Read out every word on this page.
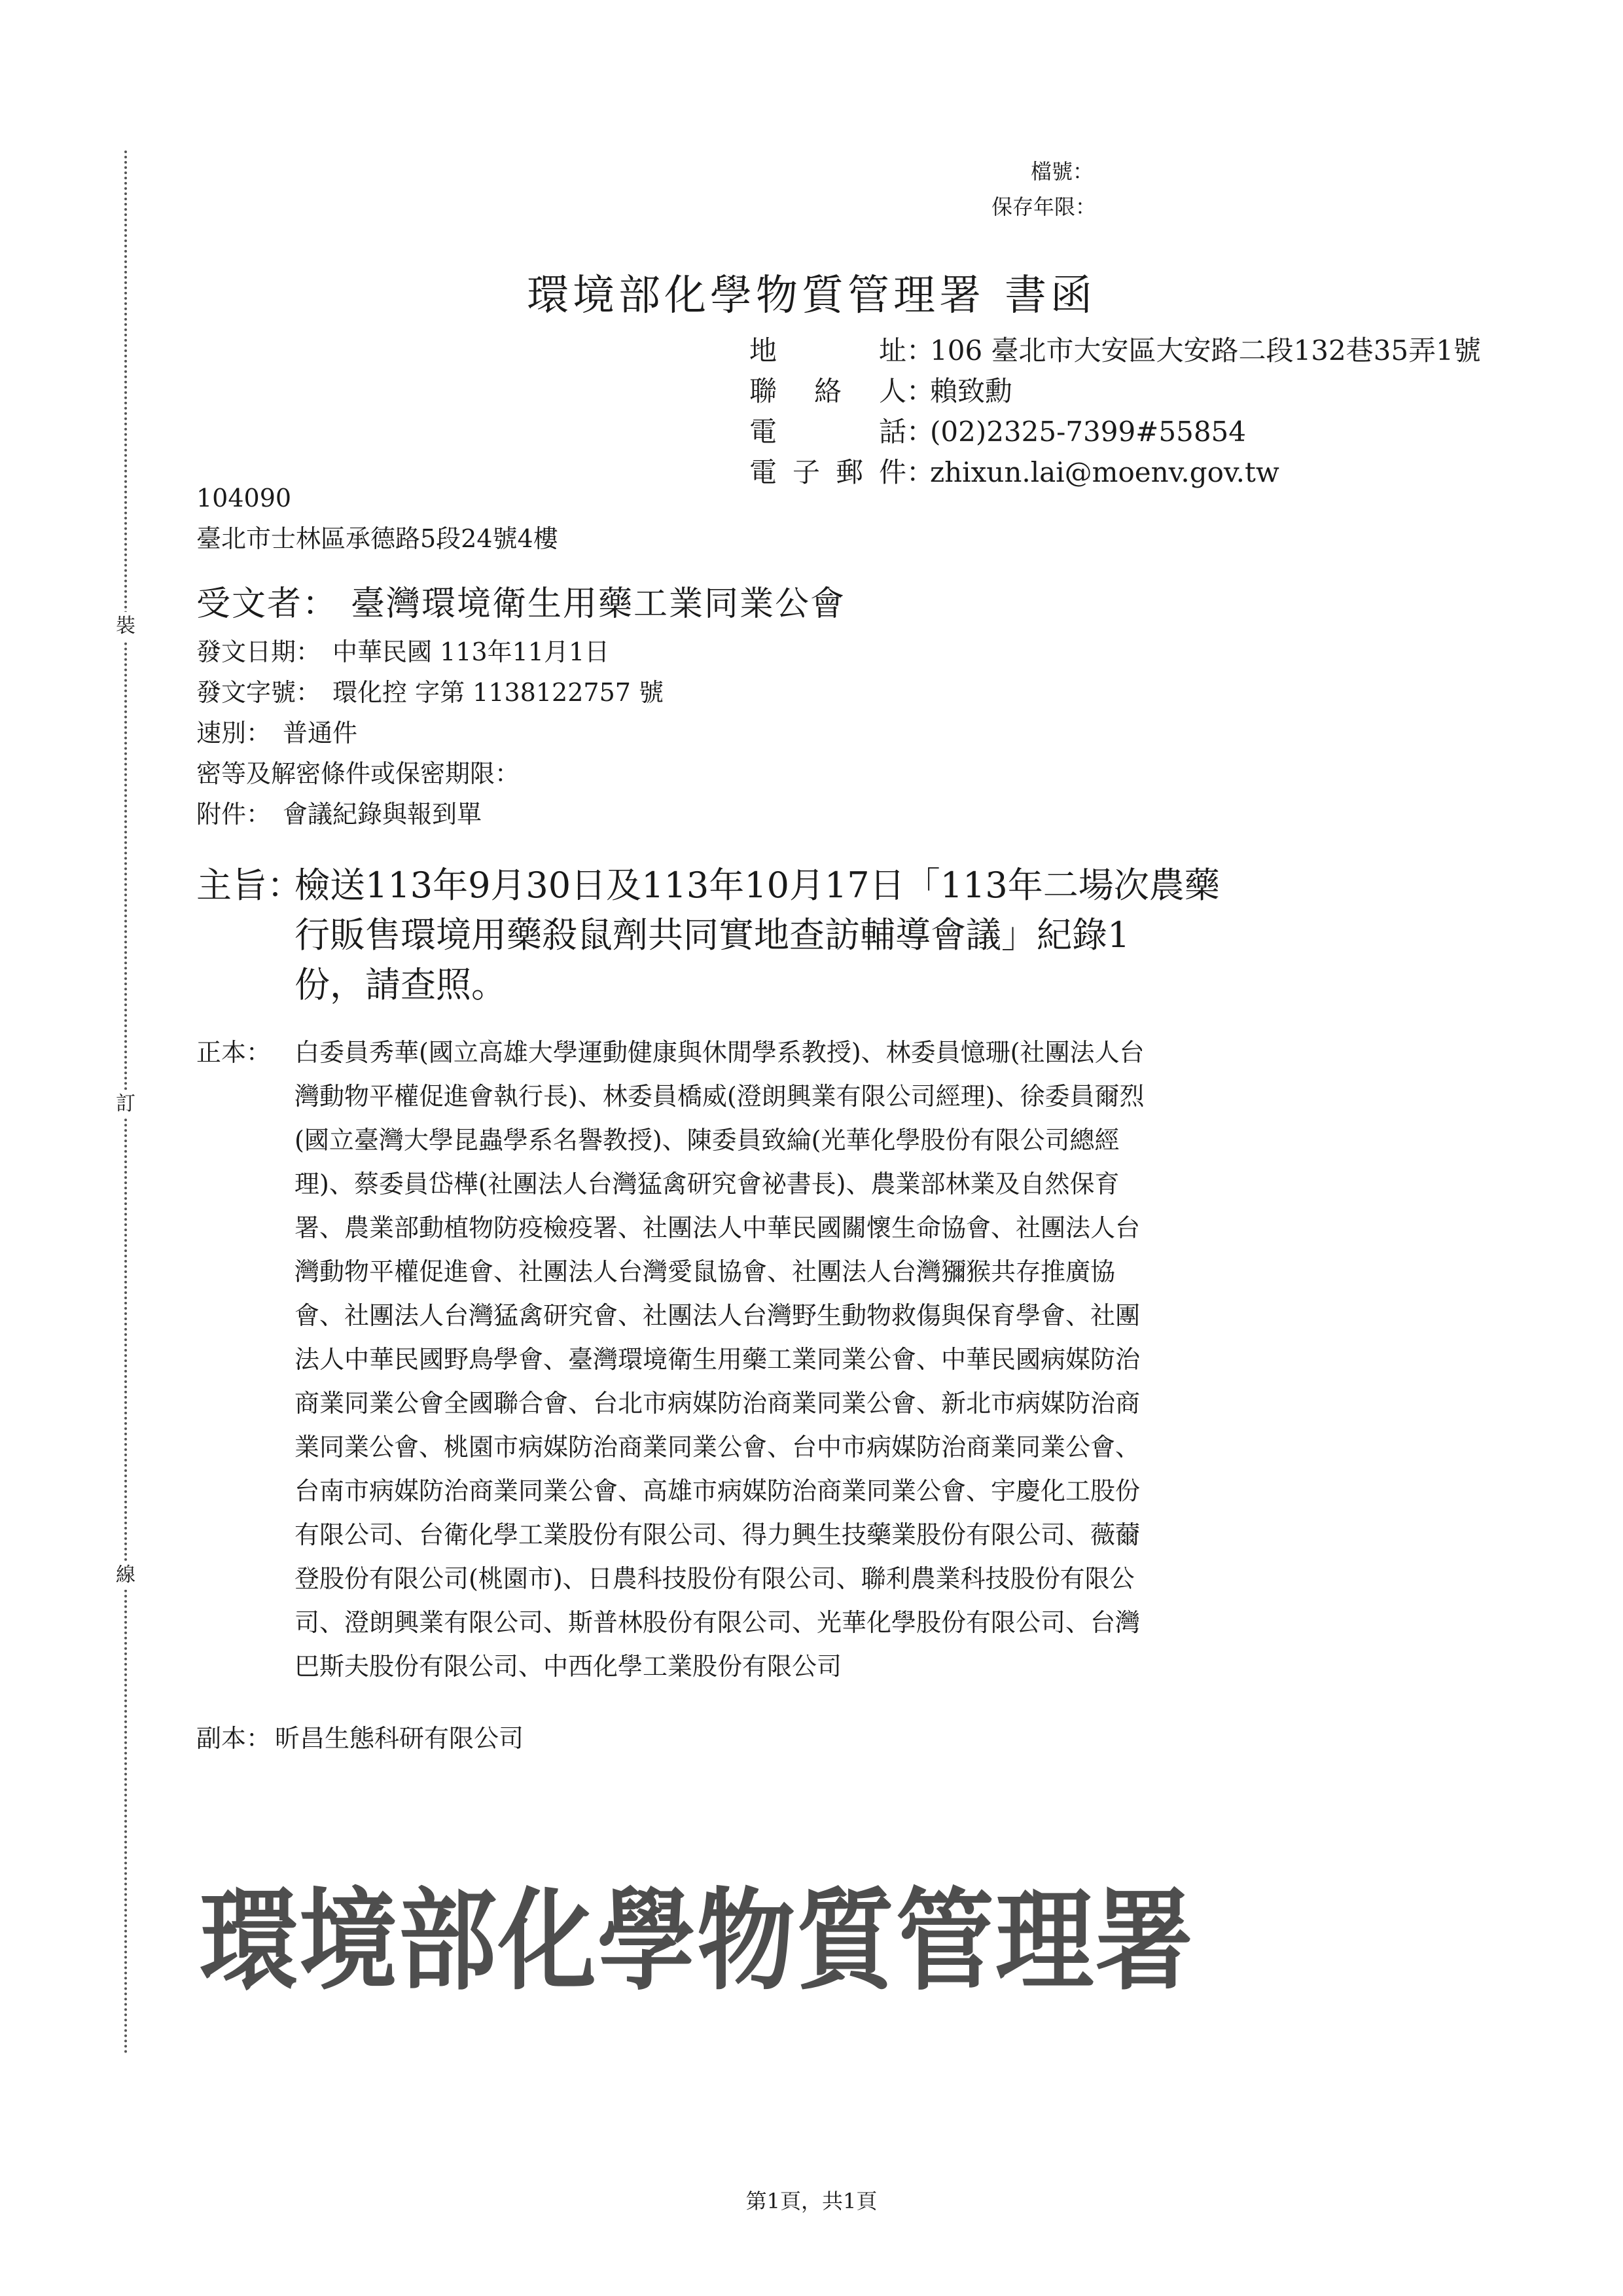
裝
訂
線
檔號：
保存年限：
環境部化學物質管理署 書函
地 址 ：
106 臺北市大安區大安路二段132巷35弄1號
聯絡人 ：
賴致勳
電 話 ：
(02)2325-7399#55854
電子郵件 ：
zhixun.lai@moenv.gov.tw
104090
臺北市士林區承德路5段24號4樓
受文者： 臺灣環境衛生用藥工業同業公會
發文日期： 中華民國 113年11月1日
發文字號： 環化控 字第 1138122757 號
速別： 普通件
密等及解密條件或保密期限：
附件： 會議紀錄與報到單
主旨：
檢送113年9月30日及113年10月17日「113年二場次農藥
行販售環境用藥殺鼠劑共同實地查訪輔導會議」紀錄1
份，請查照。
正本： 白委員秀華(國立高雄大學運動健康與休閒學系教授)、林委員憶珊(社團法人台
灣動物平權促進會執行長)、林委員橋威(澄朗興業有限公司經理)、徐委員爾烈
(國立臺灣大學昆蟲學系名譽教授)、陳委員致綸(光華化學股份有限公司總經
理)、蔡委員岱樺(社團法人台灣猛禽研究會祕書長)、農業部林業及自然保育
署、農業部動植物防疫檢疫署、社團法人中華民國關懷生命協會、社團法人台
灣動物平權促進會、社團法人台灣愛鼠協會、社團法人台灣獼猴共存推廣協
會、社團法人台灣猛禽研究會、社團法人台灣野生動物救傷與保育學會、社團
法人中華民國野鳥學會、臺灣環境衛生用藥工業同業公會、中華民國病媒防治
商業同業公會全國聯合會、台北市病媒防治商業同業公會、新北市病媒防治商
業同業公會、桃園市病媒防治商業同業公會、台中市病媒防治商業同業公會、
台南市病媒防治商業同業公會、高雄市病媒防治商業同業公會、宇慶化工股份
有限公司、台衛化學工業股份有限公司、得力興生技藥業股份有限公司、薇薾
登股份有限公司(桃園市)、日農科技股份有限公司、聯利農業科技股份有限公
司、澄朗興業有限公司、斯普林股份有限公司、光華化學股份有限公司、台灣
巴斯夫股份有限公司、中西化學工業股份有限公司
副本： 昕昌生態科研有限公司
環境部化學物質管理署
第1頁，共1頁
